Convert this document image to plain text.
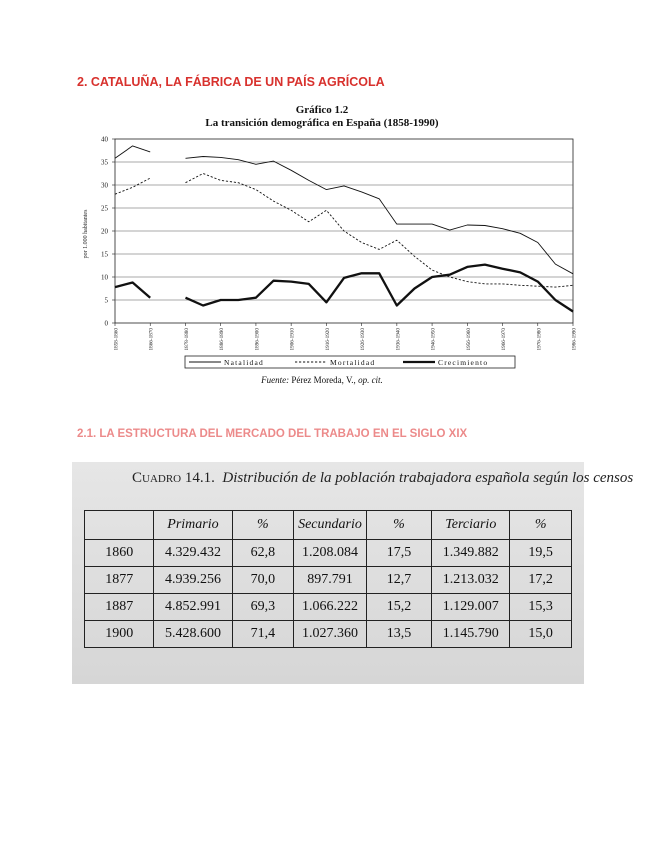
2. CATALUÑA, LA FÁBRICA DE UN PAÍS AGRÍCOLA
Gráfico 1.2
La transición demográfica en España (1858-1990)
0
5
10
15
20
25
30
35
40
1858-1860	1866-1870	1878-1880	1886-1890	1896-1900	1906-1910	1916-1920	1926-1930	1936-1940	1946-1950	1956-1960	1966-1970	1976-1980	1986-1990
por 1.000 habitantes
Natalidad	Mortalidad	Crecimiento
Fuente: Pérez Moreda, V., op. cit.
2.1. LA ESTRUCTURA DEL MERCADO DEL TRABAJO EN EL SIGLO XIX
Cuadro 14.1. Distribución de la población trabajadora española según los censos
	Primario	%	Secundario	%	Terciario	%
1860	4.329.432	62,8	1.208.084	17,5	1.349.882	19,5
1877	4.939.256	70,0	897.791	12,7	1.213.032	17,2
1887	4.852.991	69,3	1.066.222	15,2	1.129.007	15,3
1900	5.428.600	71,4	1.027.360	13,5	1.145.790	15,0
